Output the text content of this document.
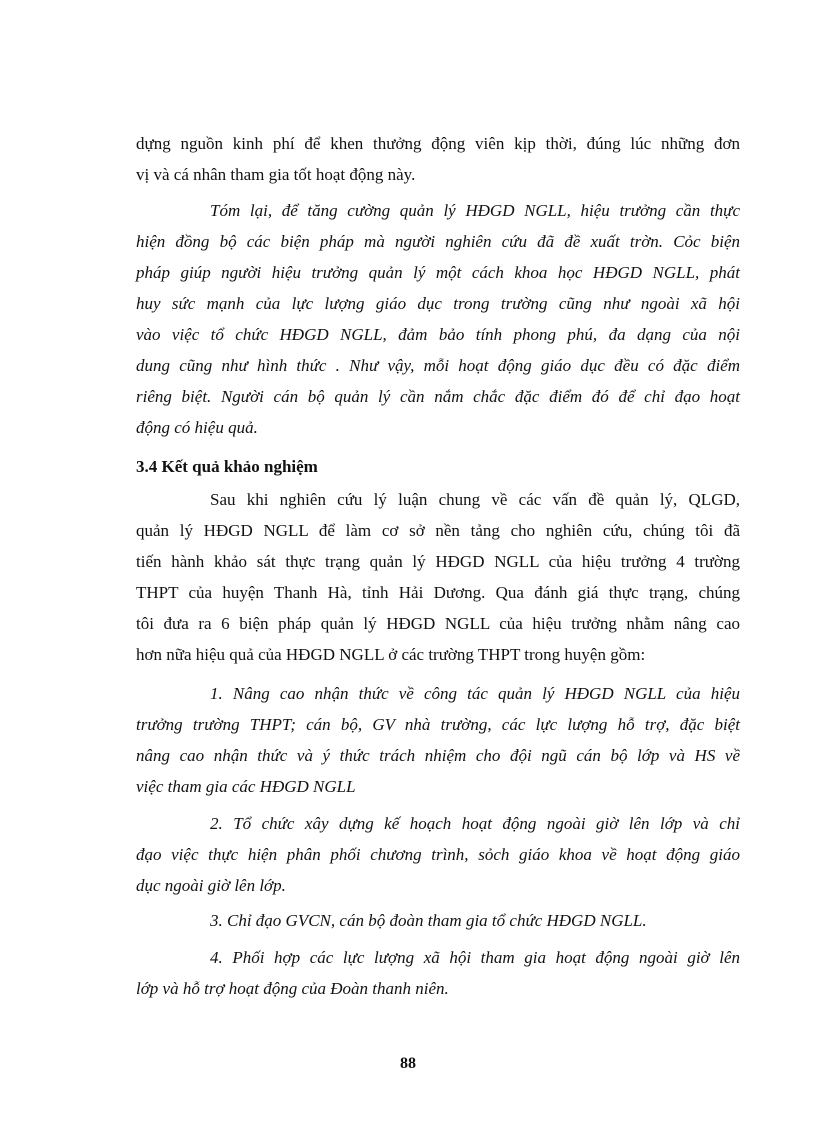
dựng nguồn kinh phí để khen thưởng động viên kịp thời, đúng lúc những đơn
vị và cá nhân tham gia tốt hoạt động này.
Tóm lại, để tăng cường quản lý HĐGD NGLL, hiệu trưởng cần thực
hiện đồng bộ các biện pháp mà người nghiên cứu đã đề xuất trờn. Cỏc biện
pháp giúp người hiệu trưởng quản lý một cách khoa học HĐGD NGLL, phát
huy sức mạnh của lực lượng giáo dục trong trường cũng như ngoài xã hội
vào việc tổ chức HĐGD NGLL, đảm bảo tính phong phú, đa dạng của nội
dung cũng như hình thức . Như vậy, mỗi hoạt động giáo dục đều có đặc điểm
riêng biệt. Người cán bộ quản lý cần nắm chắc đặc điểm đó để chỉ đạo hoạt
động có hiệu quả.
3.4 Kết quả khảo nghiệm
Sau khi nghiên cứu lý luận chung về các vấn đề quản lý, QLGD,
quản lý HĐGD NGLL để làm cơ sở nền tảng cho nghiên cứu, chúng tôi đã
tiến hành khảo sát thực trạng quản lý HĐGD NGLL của hiệu trưởng 4 trường
THPT của huyện Thanh Hà, tỉnh Hải Dương. Qua đánh giá thực trạng, chúng
tôi đưa ra 6 biện pháp quản lý HĐGD NGLL của hiệu trưởng nhằm nâng cao
hơn nữa hiệu quả của HĐGD NGLL ở các trường THPT trong huyện gồm:
1. Nâng cao nhận thức về công tác quản lý HĐGD NGLL của hiệu
trưởng trường THPT; cán bộ, GV nhà trường, các lực lượng hỗ trợ, đặc biệt
nâng cao nhận thức và ý thức trách nhiệm cho đội ngũ cán bộ lớp và HS về
việc tham gia các HĐGD NGLL
2. Tổ chức xây dựng kế hoạch hoạt động ngoài giờ lên lớp và chỉ
đạo việc thực hiện phân phối chương trình, sỏch giáo khoa về hoạt động giáo
dục ngoài giờ lên lớp.
3. Chỉ đạo GVCN, cán bộ đoàn tham gia tổ chức HĐGD NGLL.
4. Phối hợp các lực lượng xã hội tham gia hoạt động ngoài giờ lên
lớp và hỗ trợ hoạt động của Đoàn thanh niên.
88
